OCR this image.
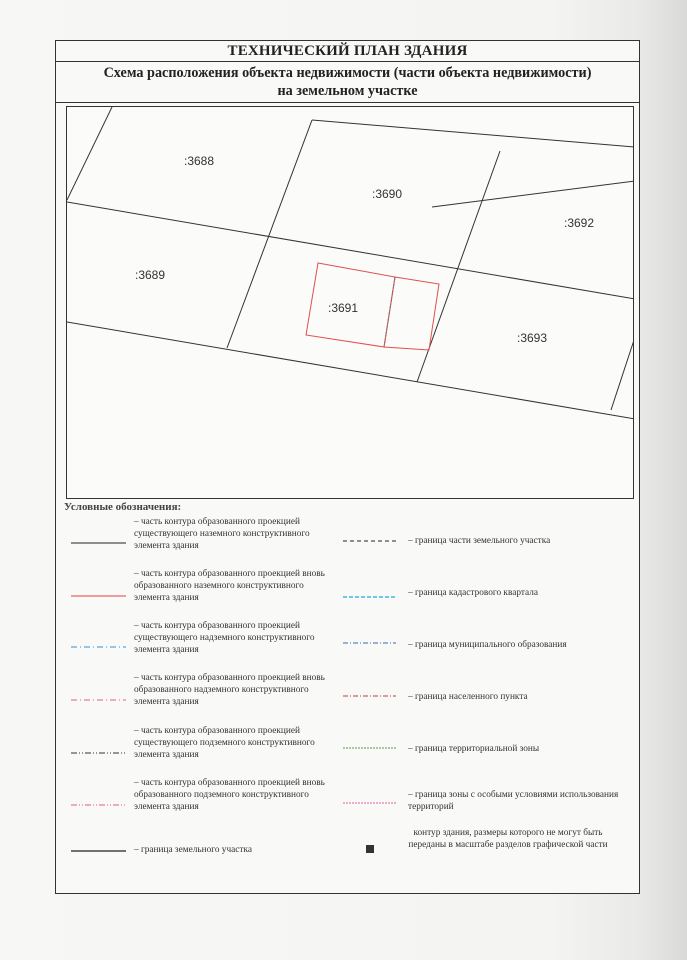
ТЕХНИЧЕСКИЙ ПЛАН ЗДАНИЯ
Схема расположения объекта недвижимости (части объекта недвижимости)
на земельном участке
:3688
:3689
:3690
:3691
:3692
:3693
Условные обозначения:
– часть контура образованного проекцией существующего наземного конструктивного элемента здания
– часть контура образованного проекцией вновь образованного наземного конструктивного элемента здания
– часть контура образованного проекцией существующего надземного конструктивного элемента здания
– часть контура образованного проекцией вновь образованного надземного конструктивного элемента здания
– часть контура образованного проекцией существующего подземного конструктивного элемента здания
– часть контура образованного проекцией вновь образованного подземного конструктивного элемента здания
– граница земельного участка
– граница части земельного участка
– граница кадастрового квартала
– граница муниципального образования
– граница населенного пункта
– граница территориальной зоны
– граница зоны с особыми условиями использования территорий
контур здания, размеры которого не могут быть переданы в масштабе разделов графической части
